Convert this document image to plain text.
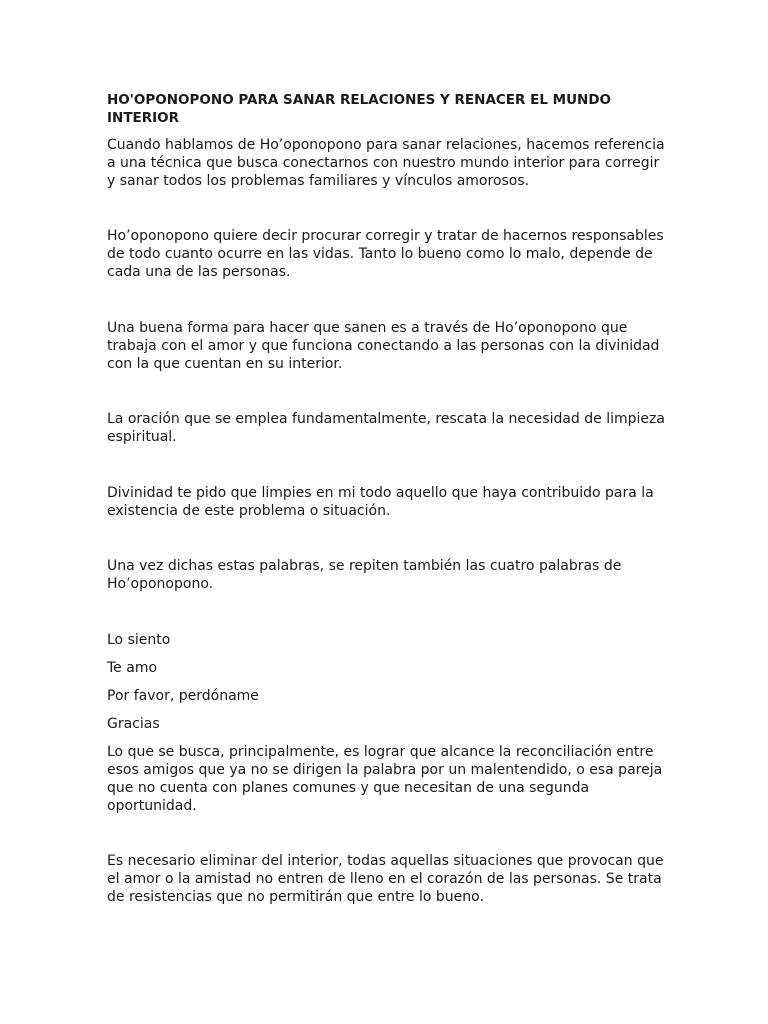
HO'OPONOPONO PARA SANAR RELACIONES Y RENACER EL MUNDO INTERIOR

Cuando hablamos de Ho’oponopono para sanar relaciones, hacemos referencia a una técnica que busca conectarnos con nuestro mundo interior para corregir y sanar todos los problemas familiares y vínculos amorosos.

Ho’oponopono quiere decir procurar corregir y tratar de hacernos responsables de todo cuanto ocurre en las vidas. Tanto lo bueno como lo malo, depende de cada una de las personas.

Una buena forma para hacer que sanen es a través de Ho’oponopono que trabaja con el amor y que funciona conectando a las personas con la divinidad con la que cuentan en su interior.

La oración que se emplea fundamentalmente, rescata la necesidad de limpieza espiritual.

Divinidad te pido que limpies en mi todo aquello que haya contribuido para la existencia de este problema o situación.

Una vez dichas estas palabras, se repiten también las cuatro palabras de Ho’oponopono.

Lo siento

Te amo

Por favor, perdóname

Gracias

Lo que se busca, principalmente, es lograr que alcance la reconciliación entre esos amigos que ya no se dirigen la palabra por un malentendido, o esa pareja que no cuenta con planes comunes y que necesitan de una segunda oportunidad.

Es necesario eliminar del interior, todas aquellas situaciones que provocan que el amor o la amistad no entren de lleno en el corazón de las personas. Se trata de resistencias que no permitirán que entre lo bueno.
